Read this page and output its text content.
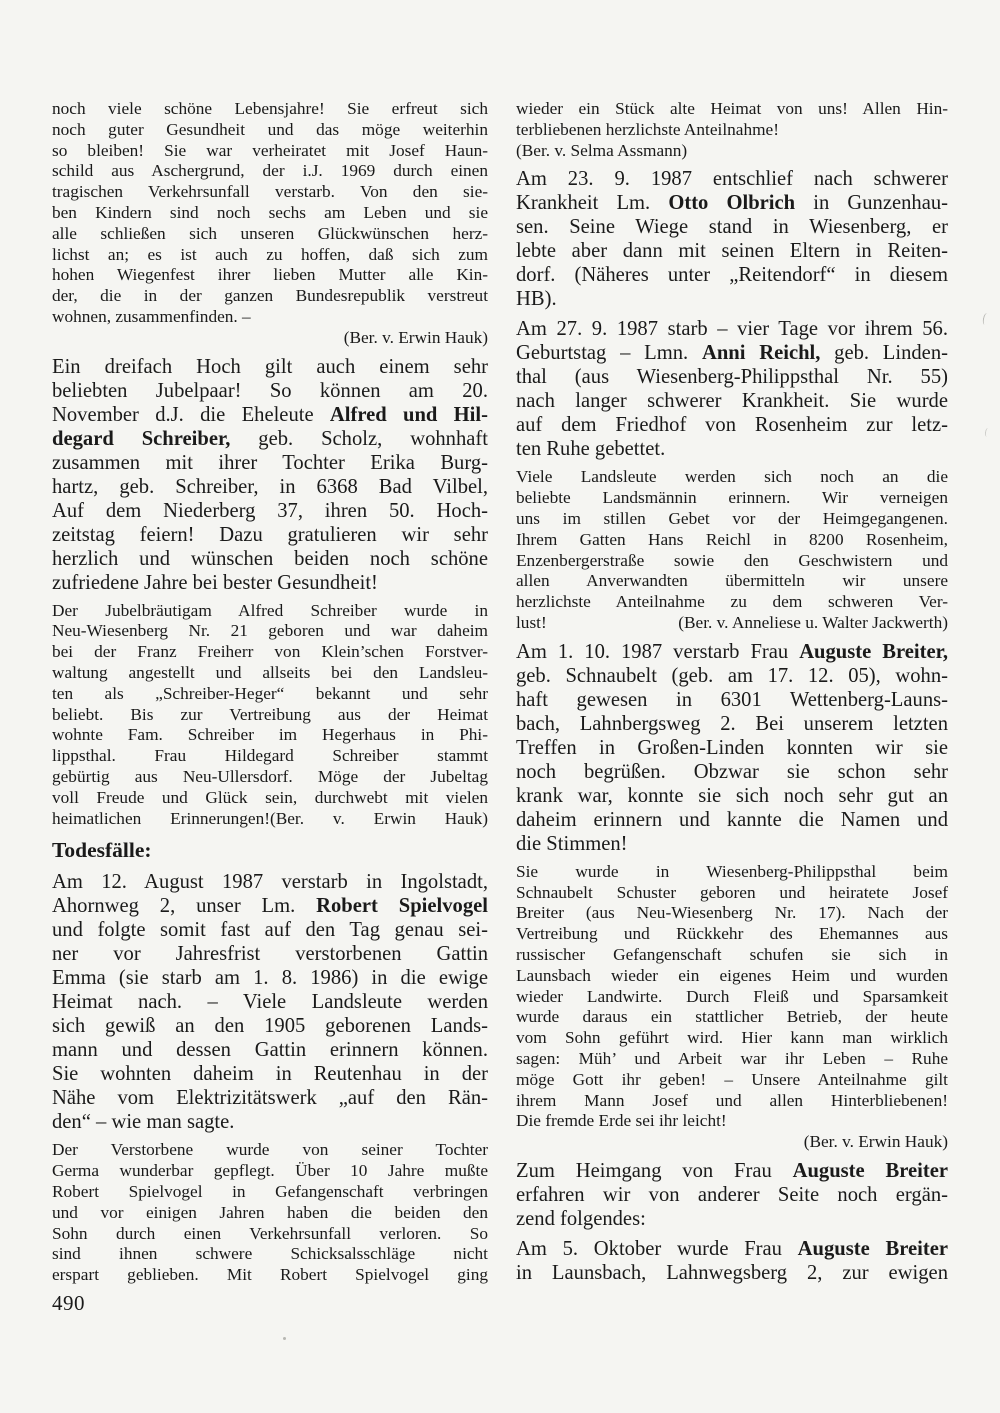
noch viele schöne Lebensjahre! Sie erfreut sich
noch guter Gesundheit und das möge weiterhin
so bleiben! Sie war verheiratet mit Josef Haun-
schild aus Aschergrund, der i.J. 1969 durch einen
tragischen Verkehrsunfall verstarb. Von den sie-
ben Kindern sind noch sechs am Leben und sie
alle schließen sich unseren Glückwünschen herz-
lichst an; es ist auch zu hoffen, daß sich zum
hohen Wiegenfest ihrer lieben Mutter alle Kin-
der, die in der ganzen Bundesrepublik verstreut
wohnen, zusammenfinden. –
(Ber. v. Erwin Hauk)
Ein dreifach Hoch gilt auch einem sehr
beliebten Jubelpaar! So können am 20.
November d.J. die Eheleute Alfred und Hil-
degard Schreiber, geb. Scholz, wohnhaft
zusammen mit ihrer Tochter Erika Burg-
hartz, geb. Schreiber, in 6368 Bad Vilbel,
Auf dem Niederberg 37, ihren 50. Hoch-
zeitstag feiern! Dazu gratulieren wir sehr
herzlich und wünschen beiden noch schöne
zufriedene Jahre bei bester Gesundheit!
Der Jubelbräutigam Alfred Schreiber wurde in
Neu-Wiesenberg Nr. 21 geboren und war daheim
bei der Franz Freiherr von Klein’schen Forstver-
waltung angestellt und allseits bei den Landsleu-
ten als „Schreiber-Heger“ bekannt und sehr
beliebt. Bis zur Vertreibung aus der Heimat
wohnte Fam. Schreiber im Hegerhaus in Phi-
lippsthal. Frau Hildegard Schreiber stammt
gebürtig aus Neu-Ullersdorf. Möge der Jubeltag
voll Freude und Glück sein, durchwebt mit vielen
heimatlichen Erinnerungen!(Ber. v. Erwin Hauk)
Todesfälle:
Am 12. August 1987 verstarb in Ingolstadt,
Ahornweg 2, unser Lm. Robert Spielvogel
und folgte somit fast auf den Tag genau sei-
ner vor Jahresfrist verstorbenen Gattin
Emma (sie starb am 1. 8. 1986) in die ewige
Heimat nach. – Viele Landsleute werden
sich gewiß an den 1905 geborenen Lands-
mann und dessen Gattin erinnern können.
Sie wohnten daheim in Reutenhau in der
Nähe vom Elektrizitätswerk „auf den Rän-
den“ – wie man sagte.
Der Verstorbene wurde von seiner Tochter
Germa wunderbar gepflegt. Über 10 Jahre mußte
Robert Spielvogel in Gefangenschaft verbringen
und vor einigen Jahren haben die beiden den
Sohn durch einen Verkehrsunfall verloren. So
sind ihnen schwere Schicksalsschläge nicht
erspart geblieben. Mit Robert Spielvogel ging
wieder ein Stück alte Heimat von uns! Allen Hin-
terbliebenen herzlichste Anteilnahme!
(Ber. v. Selma Assmann)
Am 23. 9. 1987 entschlief nach schwerer
Krankheit Lm. Otto Olbrich in Gunzenhau-
sen. Seine Wiege stand in Wiesenberg, er
lebte aber dann mit seinen Eltern in Reiten-
dorf. (Näheres unter „Reitendorf“ in diesem
HB).
Am 27. 9. 1987 starb – vier Tage vor ihrem 56.
Geburtstag – Lmn. Anni Reichl, geb. Linden-
thal (aus Wiesenberg-Philippsthal Nr. 55)
nach langer schwerer Krankheit. Sie wurde
auf dem Friedhof von Rosenheim zur letz-
ten Ruhe gebettet.
Viele Landsleute werden sich noch an die
beliebte Landsmännin erinnern. Wir verneigen
uns im stillen Gebet vor der Heimgegangenen.
Ihrem Gatten Hans Reichl in 8200 Rosenheim,
Enzenbergerstraße sowie den Geschwistern und
allen Anverwandten übermitteln wir unsere
herzlichste Anteilnahme zu dem schweren Ver-
lust!	(Ber. v. Anneliese u. Walter Jackwerth)
Am 1. 10. 1987 verstarb Frau Auguste Breiter,
geb. Schnaubelt (geb. am 17. 12. 05), wohn-
haft gewesen in 6301 Wettenberg-Launs-
bach, Lahnbergsweg 2. Bei unserem letzten
Treffen in Großen-Linden konnten wir sie
noch begrüßen. Obzwar sie schon sehr
krank war, konnte sie sich noch sehr gut an
daheim erinnern und kannte die Namen und
die Stimmen!
Sie wurde in Wiesenberg-Philippsthal beim
Schnaubelt Schuster geboren und heiratete Josef
Breiter (aus Neu-Wiesenberg Nr. 17). Nach der
Vertreibung und Rückkehr des Ehemannes aus
russischer Gefangenschaft schufen sie sich in
Launsbach wieder ein eigenes Heim und wurden
wieder Landwirte. Durch Fleiß und Sparsamkeit
wurde daraus ein stattlicher Betrieb, der heute
vom Sohn geführt wird. Hier kann man wirklich
sagen: Müh’ und Arbeit war ihr Leben – Ruhe
möge Gott ihr geben! – Unsere Anteilnahme gilt
ihrem Mann Josef und allen Hinterbliebenen!
Die fremde Erde sei ihr leicht!
(Ber. v. Erwin Hauk)
Zum Heimgang von Frau Auguste Breiter
erfahren wir von anderer Seite noch ergän-
zend folgendes:
Am 5. Oktober wurde Frau Auguste Breiter
in Launsbach, Lahnwegsberg 2, zur ewigen
490
